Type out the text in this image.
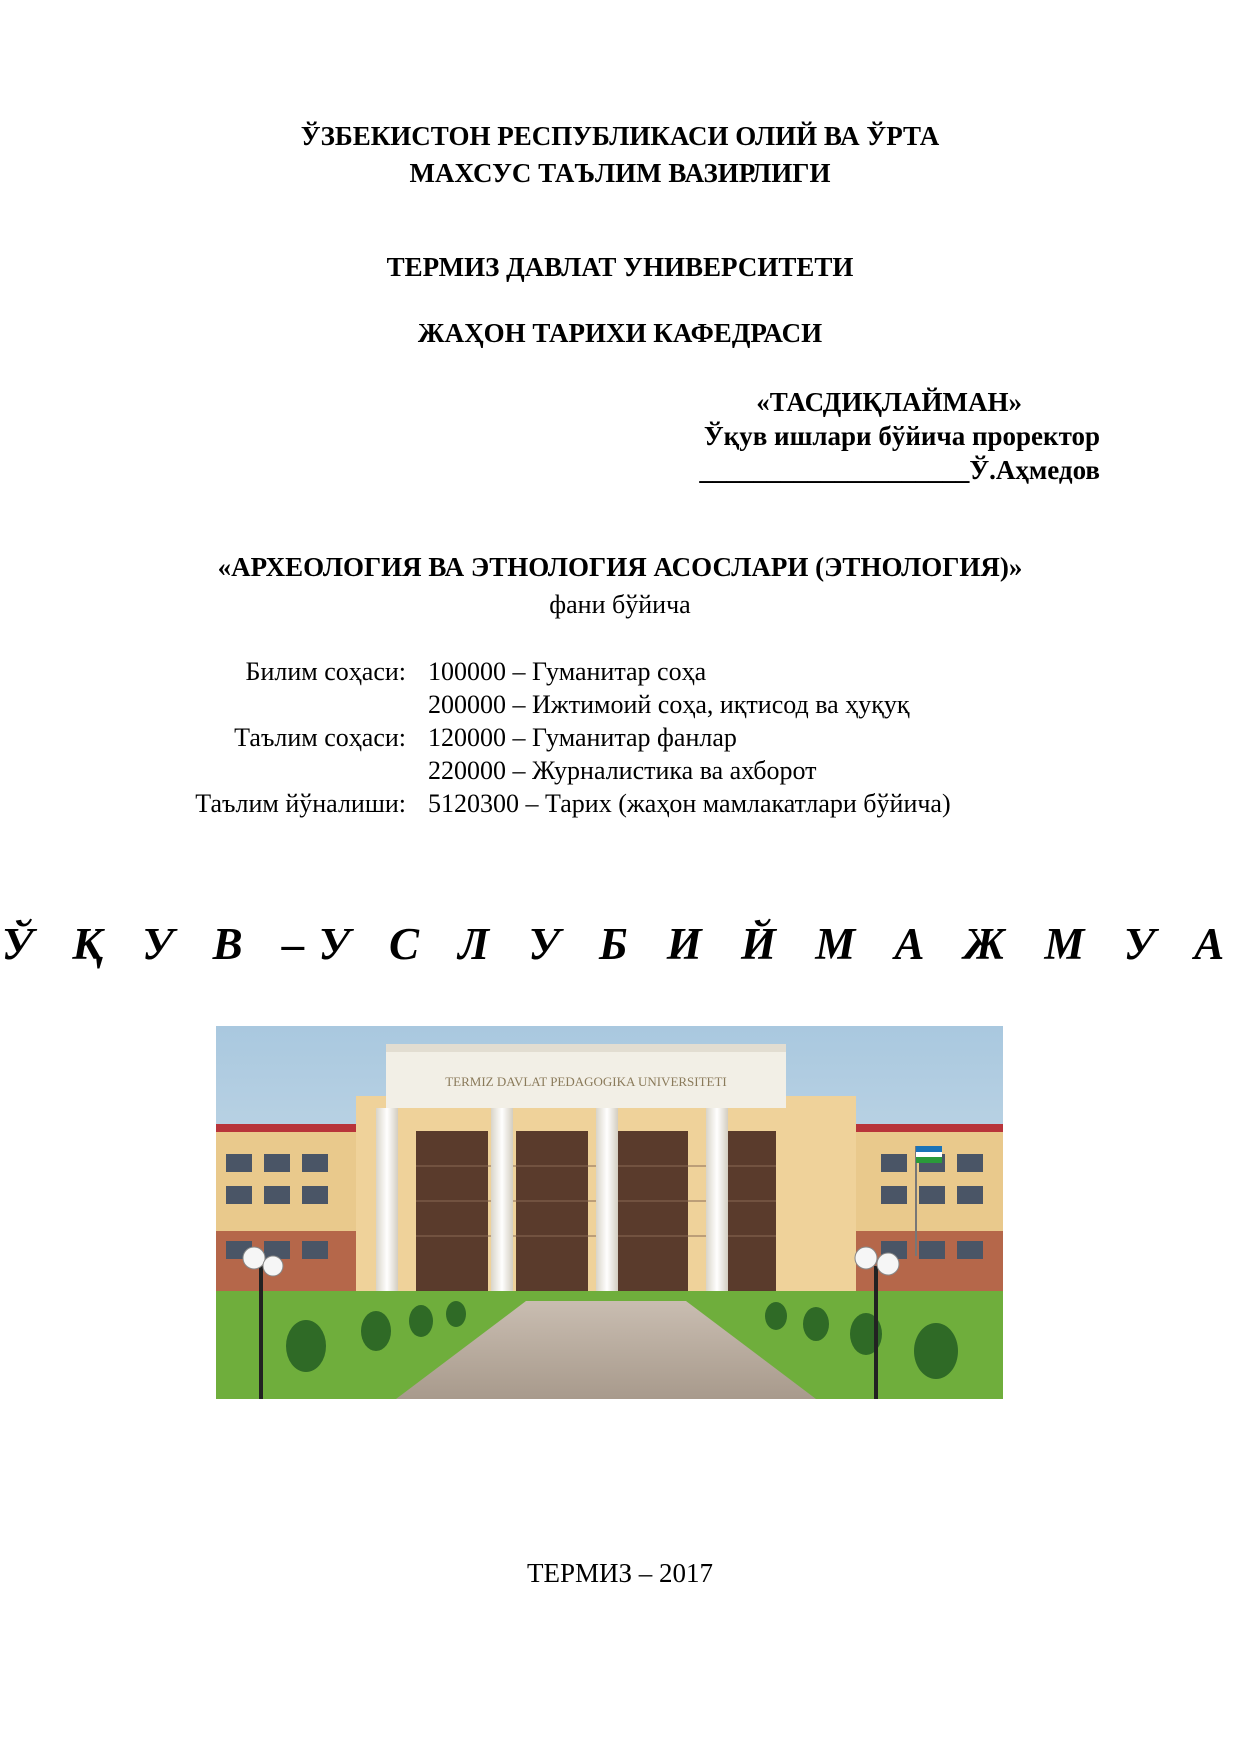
ЎЗБЕКИСТОН РЕСПУБЛИКАСИ ОЛИЙ ВА ЎРТА
МАХСУС ТАЪЛИМ ВАЗИРЛИГИ
ТЕРМИЗ ДАВЛАТ УНИВЕРСИТЕТИ
ЖАҲОН ТАРИХИ КАФЕДРАСИ
«ТАСДИҚЛАЙМАН»
Ўқув ишлари бўйича проректор
____________________Ў.Аҳмедов
«АРХЕОЛОГИЯ ВА ЭТНОЛОГИЯ АСОСЛАРИ (ЭТНОЛОГИЯ)»
фани бўйича
Билим соҳаси:	100000 – Гуманитар соҳа
	200000 – Ижтимоий соҳа, иқтисод ва ҳуқуқ
Таълим соҳаси:	120000 – Гуманитар фанлар
	220000 – Журналистика ва ахборот
Таълим йўналиши:	5120300 – Тарих (жаҳон мамлакатлари бўйича)
Ў Қ У В –У С Л У Б И Й М А Ж М У А
TERMIZ DAVLAT PEDAGOGIKA UNIVERSITETI
ТЕРМИЗ – 2017
